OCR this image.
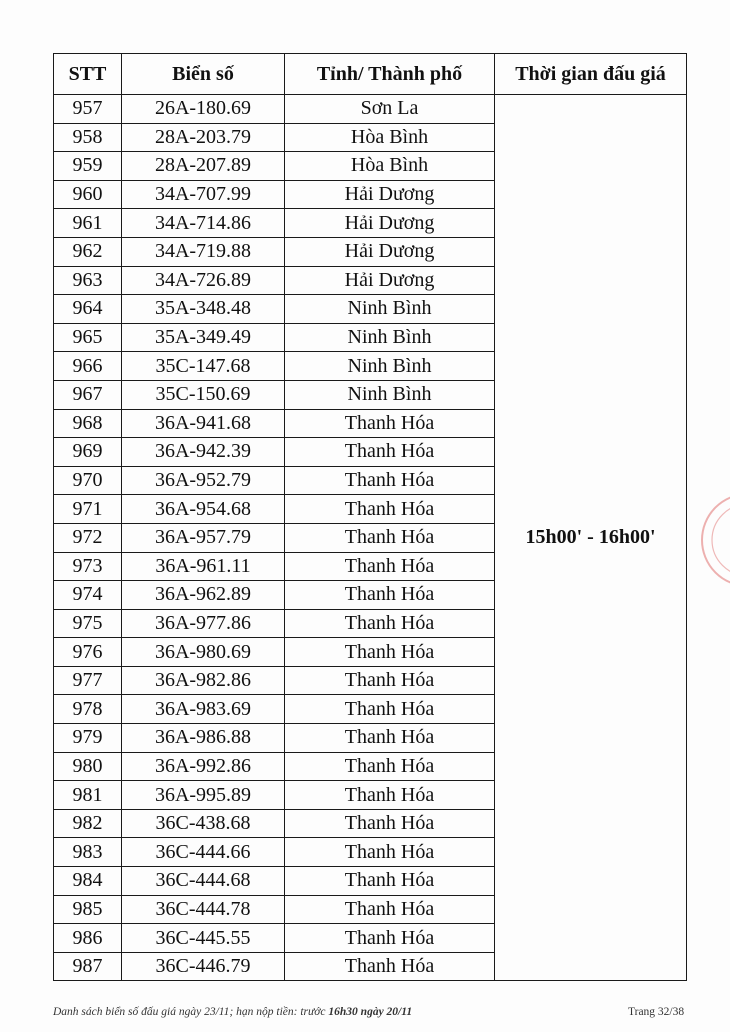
STT	Biển số	Tỉnh/ Thành phố	Thời gian đấu giá
957	26A-180.69	Sơn La	15h00' - 16h00'
958	28A-203.79	Hòa Bình	
959	28A-207.89	Hòa Bình	
960	34A-707.99	Hải Dương	
961	34A-714.86	Hải Dương	
962	34A-719.88	Hải Dương	
963	34A-726.89	Hải Dương	
964	35A-348.48	Ninh Bình	
965	35A-349.49	Ninh Bình	
966	35C-147.68	Ninh Bình	
967	35C-150.69	Ninh Bình	
968	36A-941.68	Thanh Hóa	
969	36A-942.39	Thanh Hóa	
970	36A-952.79	Thanh Hóa	
971	36A-954.68	Thanh Hóa	
972	36A-957.79	Thanh Hóa	
973	36A-961.11	Thanh Hóa	
974	36A-962.89	Thanh Hóa	
975	36A-977.86	Thanh Hóa	
976	36A-980.69	Thanh Hóa	
977	36A-982.86	Thanh Hóa	
978	36A-983.69	Thanh Hóa	
979	36A-986.88	Thanh Hóa	
980	36A-992.86	Thanh Hóa	
981	36A-995.89	Thanh Hóa	
982	36C-438.68	Thanh Hóa	
983	36C-444.66	Thanh Hóa	
984	36C-444.68	Thanh Hóa	
985	36C-444.78	Thanh Hóa	
986	36C-445.55	Thanh Hóa	
987	36C-446.79	Thanh Hóa	
Danh sách biển số đấu giá ngày 23/11; hạn nộp tiền: trước 16h30 ngày 20/11	Trang 32/38
